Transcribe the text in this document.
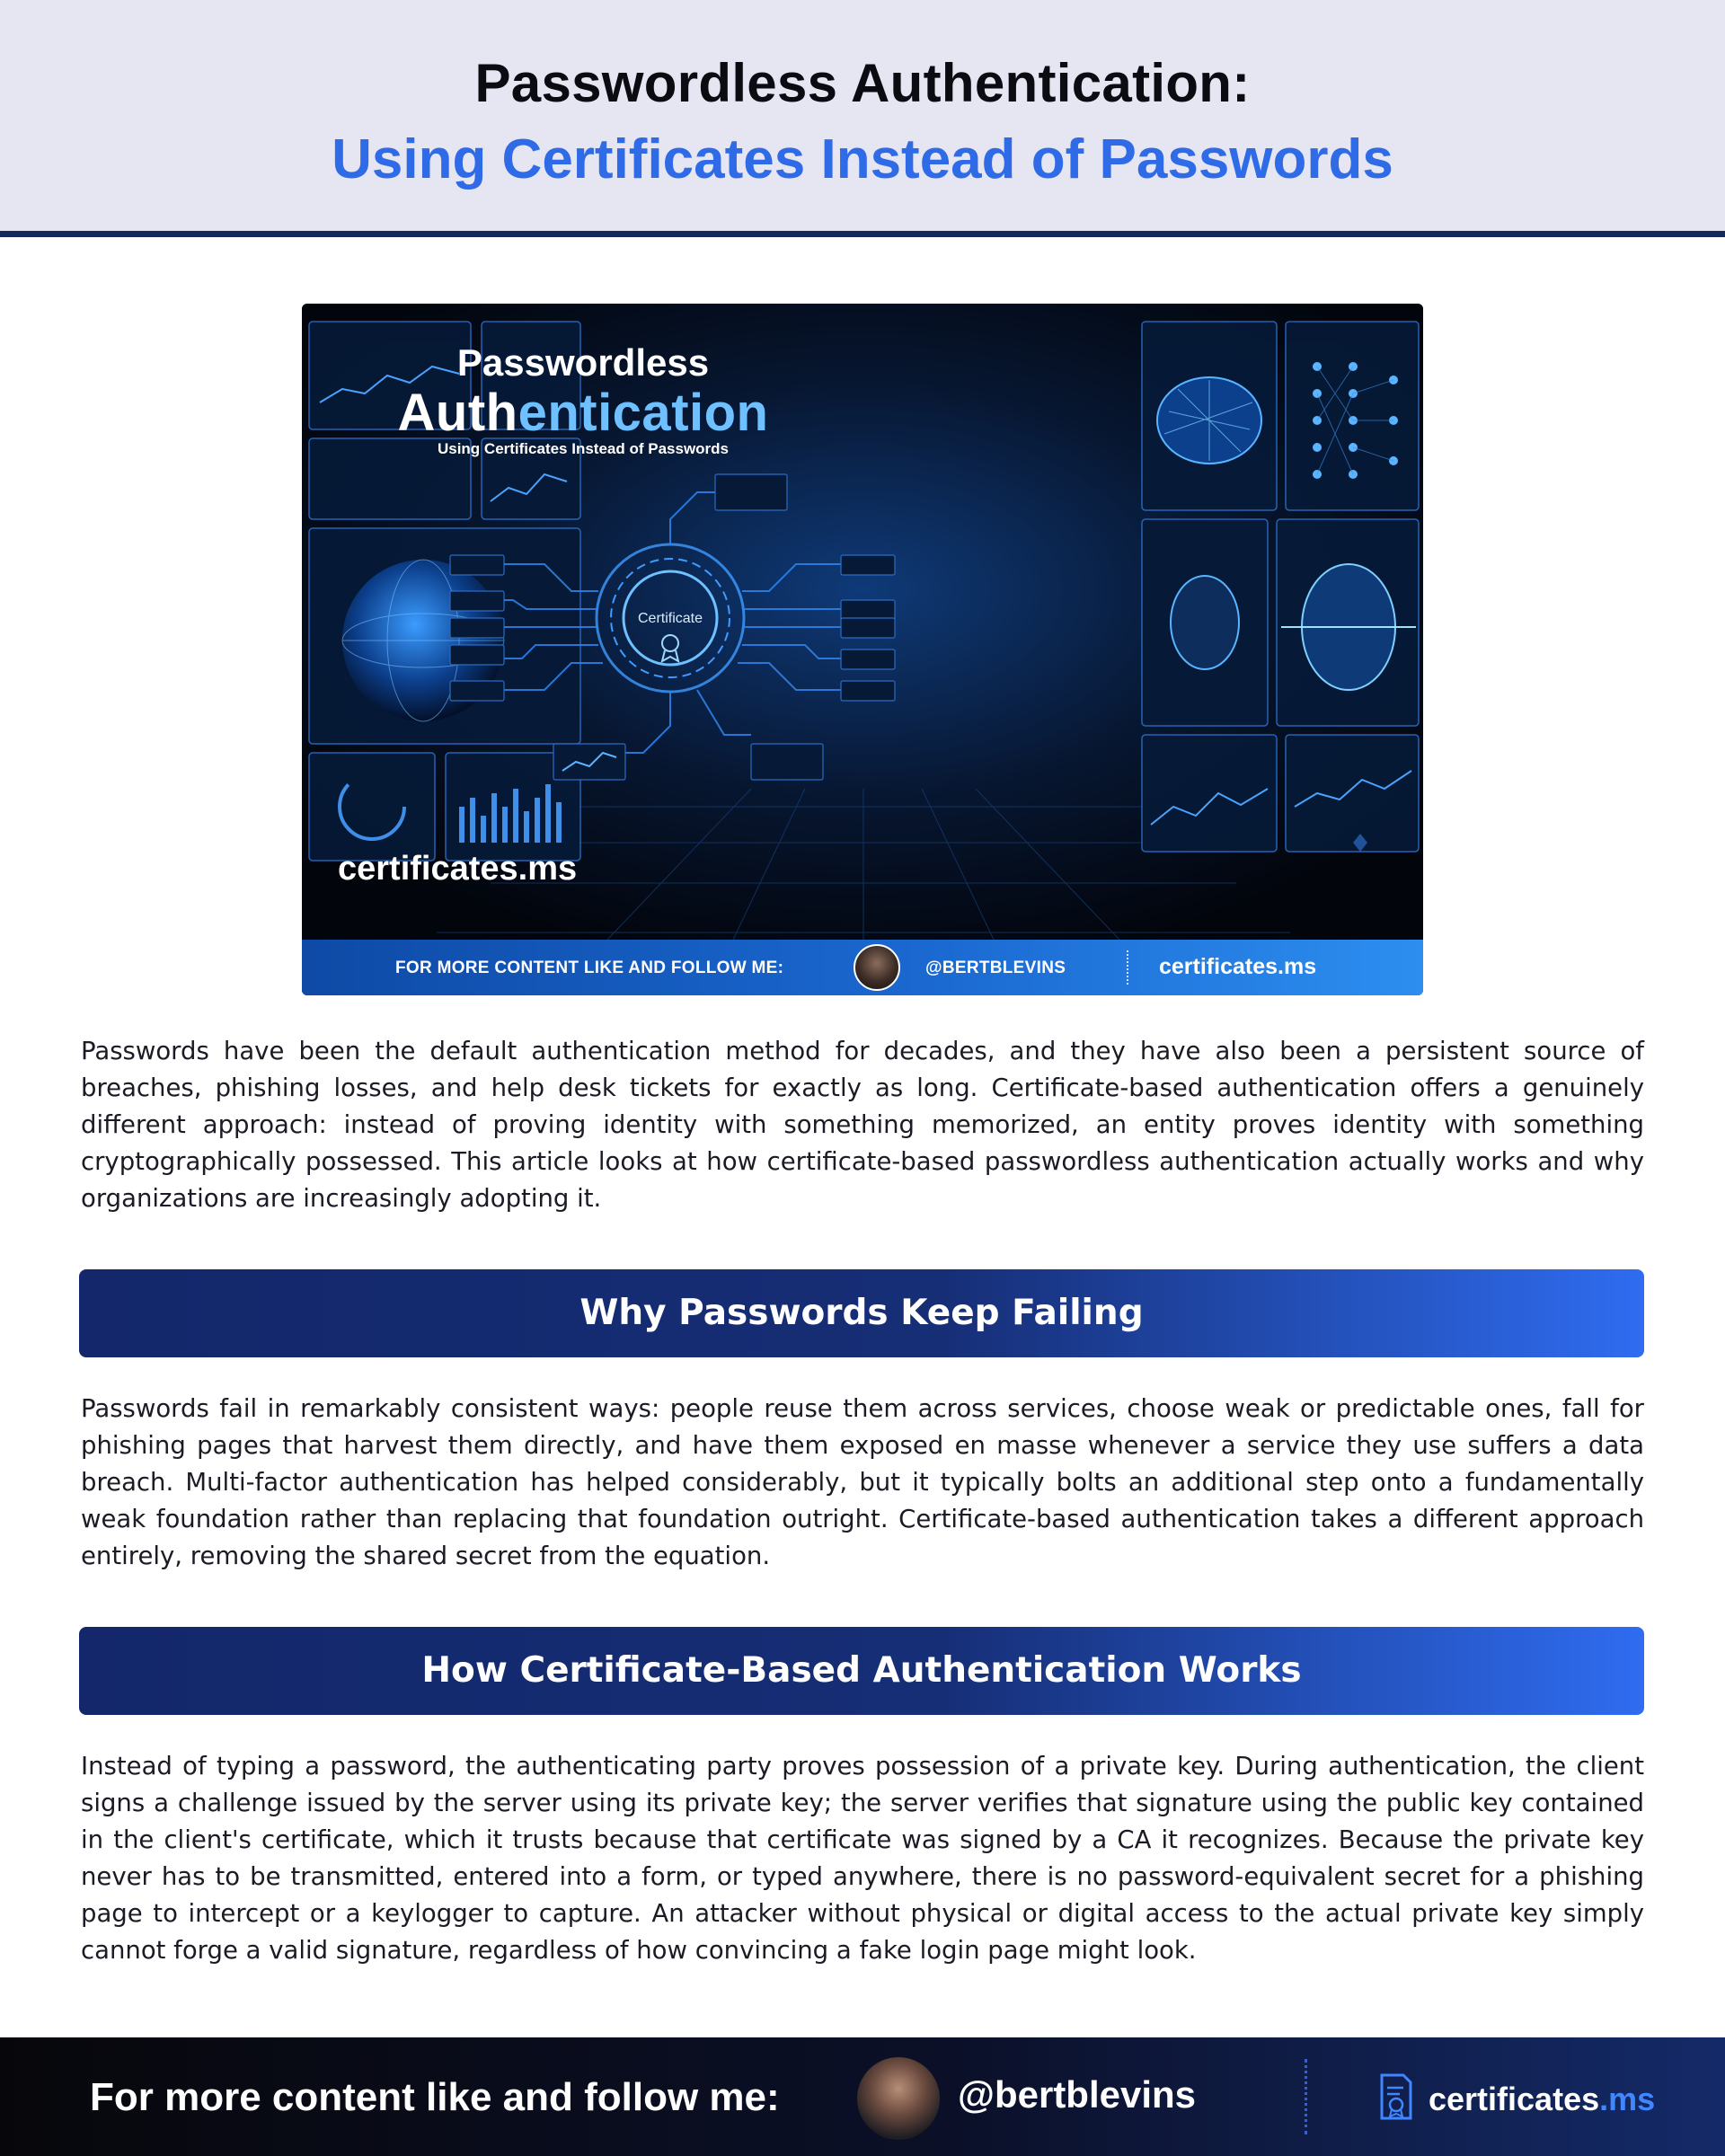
Passwordless Authentication:
Using Certificates Instead of Passwords
Passwordless
Authentication
Using Certificates Instead of Passwords
Certificate
certificates.ms
FOR MORE CONTENT LIKE AND FOLLOW ME:	@BERTBLEVINS	certificates.ms

Passwords have been the default authentication method for decades, and they have also been a persistent source of breaches, phishing losses, and help desk tickets for exactly as long. Certificate-based authentication offers a genuinely different approach: instead of proving identity with something memorized, an entity proves identity with something cryptographically possessed. This article looks at how certificate-based passwordless authentication actually works and why organizations are increasingly adopting it.

Why Passwords Keep Failing

Passwords fail in remarkably consistent ways: people reuse them across services, choose weak or predictable ones, fall for phishing pages that harvest them directly, and have them exposed en masse whenever a service they use suffers a data breach. Multi-factor authentication has helped considerably, but it typically bolts an additional step onto a fundamentally weak foundation rather than replacing that foundation outright. Certificate-based authentication takes a different approach entirely, removing the shared secret from the equation.

How Certificate-Based Authentication Works

Instead of typing a password, the authenticating party proves possession of a private key. During authentication, the client signs a challenge issued by the server using its private key; the server verifies that signature using the public key contained in the client's certificate, which it trusts because that certificate was signed by a CA it recognizes. Because the private key never has to be transmitted, entered into a form, or typed anywhere, there is no password-equivalent secret for a phishing page to intercept or a keylogger to capture. An attacker without physical or digital access to the actual private key simply cannot forge a valid signature, regardless of how convincing a fake login page might look.

For more content like and follow me:	@bertblevins	certificates.ms
